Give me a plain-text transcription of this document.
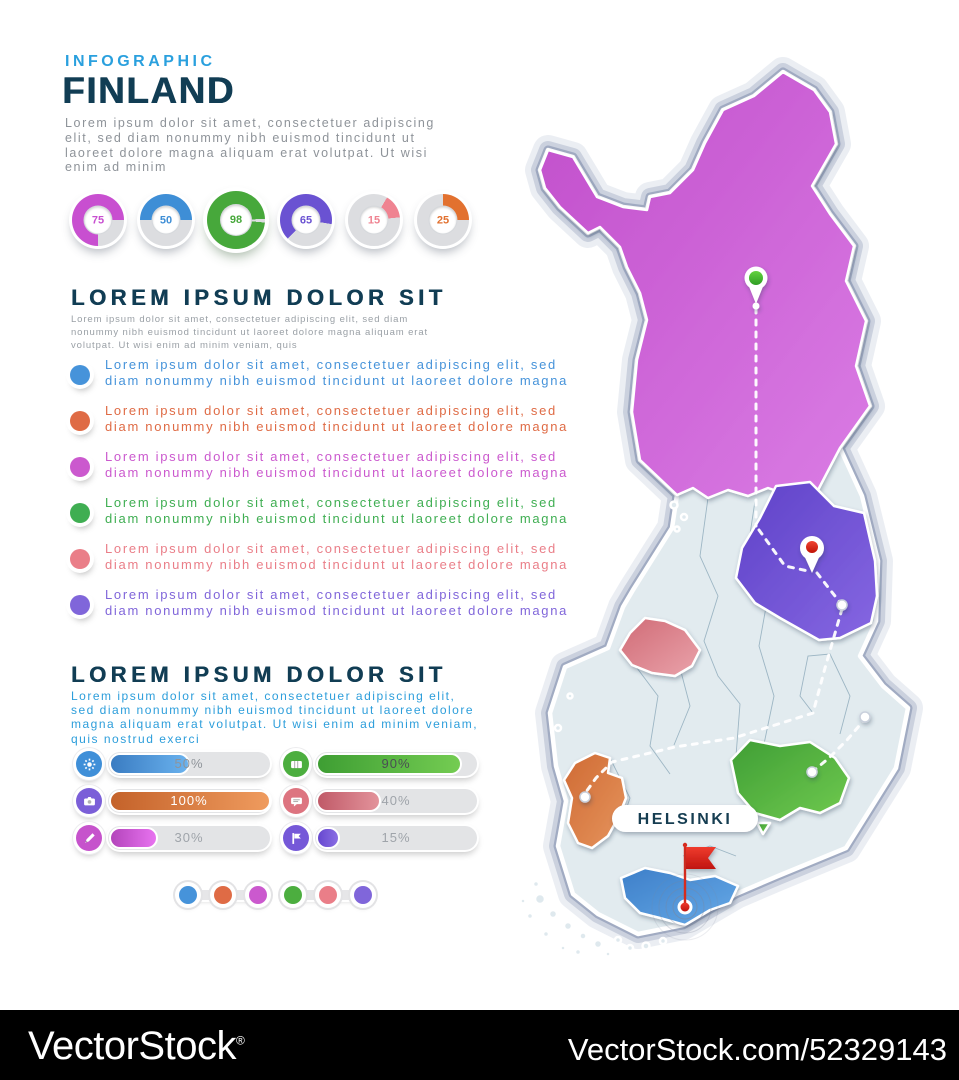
INFOGRAPHIC
FINLAND
Lorem ipsum dolor sit amet, consectetuer adipiscing elit, sed diam nonummy nibh euismod tincidunt ut laoreet dolore magna aliquam erat volutpat. Ut wisi enim ad minim
75	50	98	65	15	25
LOREM IPSUM DOLOR SIT
Lorem ipsum dolor sit amet, consectetuer adipiscing elit, sed diam nonummy nibh euismod tincidunt ut laoreet dolore magna aliquam erat volutpat. Ut wisi enim ad minim veniam, quis
Lorem ipsum dolor sit amet, consectetuer adipiscing elit, sed diam nonummy nibh euismod tincidunt ut laoreet dolore magna
Lorem ipsum dolor sit amet, consectetuer adipiscing elit, sed diam nonummy nibh euismod tincidunt ut laoreet dolore magna
Lorem ipsum dolor sit amet, consectetuer adipiscing elit, sed diam nonummy nibh euismod tincidunt ut laoreet dolore magna
Lorem ipsum dolor sit amet, consectetuer adipiscing elit, sed diam nonummy nibh euismod tincidunt ut laoreet dolore magna
Lorem ipsum dolor sit amet, consectetuer adipiscing elit, sed diam nonummy nibh euismod tincidunt ut laoreet dolore magna
Lorem ipsum dolor sit amet, consectetuer adipiscing elit, sed diam nonummy nibh euismod tincidunt ut laoreet dolore magna
LOREM IPSUM DOLOR SIT
Lorem ipsum dolor sit amet, consectetuer adipiscing elit, sed diam nonummy nibh euismod tincidunt ut laoreet dolore magna aliquam erat volutpat. Ut wisi enim ad minim veniam, quis nostrud exerci
50%	90%
100%	40%
30%	15%
HELSINKI
VectorStock®	VectorStock.com/52329143
